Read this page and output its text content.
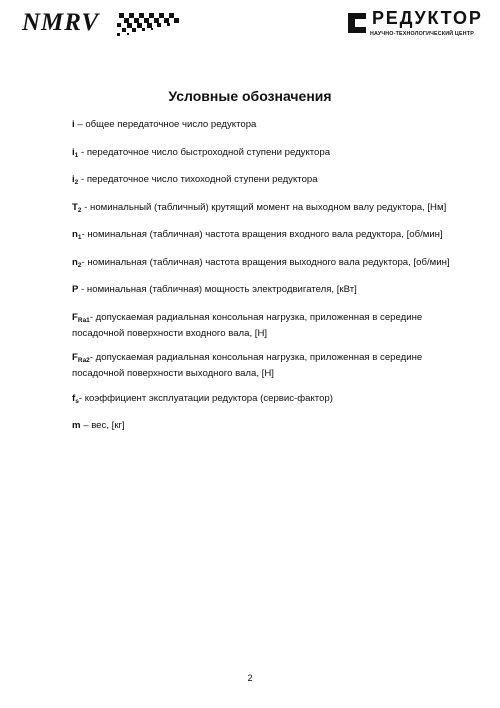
NMRV	РЕДУКТОР
НАУЧНО-ТЕХНОЛОГИЧЕСКИЙ ЦЕНТР
Условные обозначения

i – общее передаточное число редуктора

$i_1$ - передаточное число быстроходной ступени редуктора

$i_2$ - передаточное число тихоходной ступени редуктора

$T_2$ - номинальный (табличный) крутящий момент на выходном валу редуктора, [Нм]

$n_1-$ номинальная (табличная) частота вращения входного вала редуктора, [об/мин]

$n_2-$ номинальная (табличная) частота вращения выходного вала редуктора, [об/мин]

P - номинальная (табличная) мощность электродвигателя, [кВт]

$F_{Ra1}-$ допускаемая радиальная консольная нагрузка, приложенная в середине посадочной поверхности входного вала, [Н]

$F_{Ra2}-$ допускаемая радиальная консольная нагрузка, приложенная в середине посадочной поверхности выходного вала, [Н]

$f_s-$ коэффициент эксплуатации редуктора (сервис-фактор)

m – вес, [кг]

2
